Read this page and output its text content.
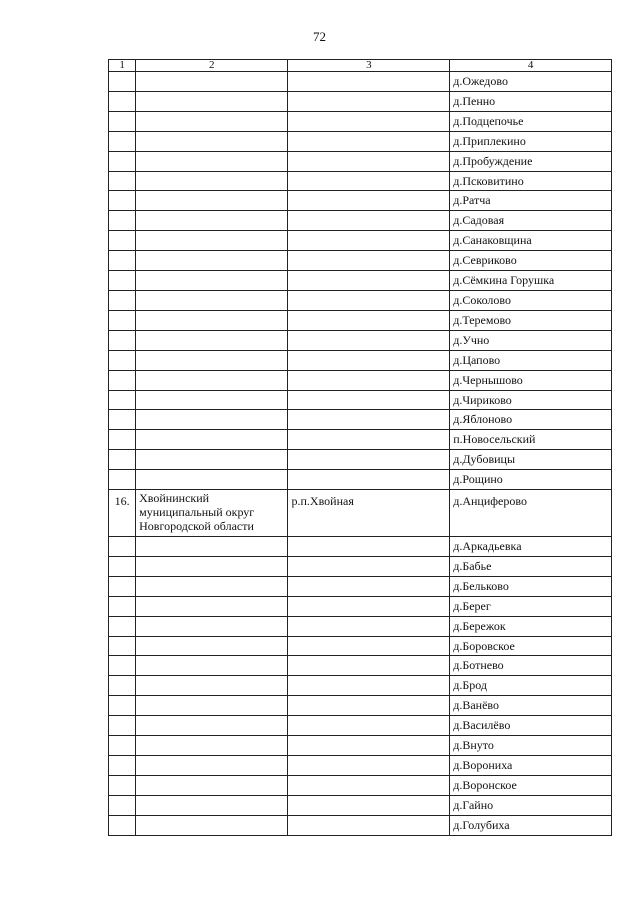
72
1	2	3	4
			д.Ожедово
			д.Пенно
			д.Подцепочье
			д.Приплекино
			д.Пробуждение
			д.Псковитино
			д.Ратча
			д.Садовая
			д.Санаковщина
			д.Севриково
			д.Сёмкина Горушка
			д.Соколово
			д.Теремово
			д.Учно
			д.Цапово
			д.Чернышово
			д.Чириково
			д.Яблоново
			п.Новосельский
			д.Дубовицы
			д.Рощино
16.	Хвойнинский муниципальный округ Новгородской области	р.п.Хвойная	д.Анциферово
			д.Аркадьевка
			д.Бабье
			д.Бельково
			д.Берег
			д.Бережок
			д.Боровское
			д.Ботнево
			д.Брод
			д.Ванёво
			д.Василёво
			д.Внуто
			д.Ворониха
			д.Воронское
			д.Гайно
			д.Голубиха
